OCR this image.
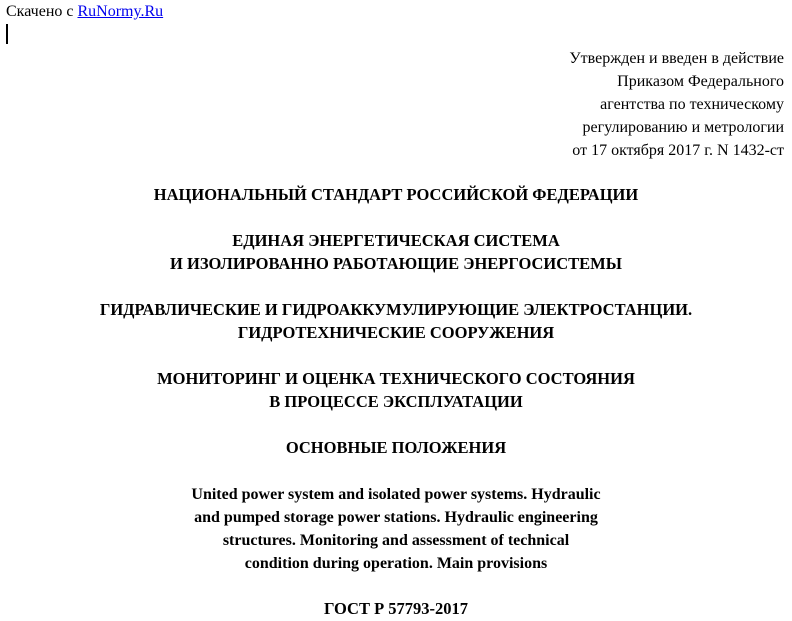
Скачено с RuNormy.Ru
Утвержден и введен в действие
Приказом Федерального
агентства по техническому
регулированию и метрологии
от 17 октября 2017 г. N 1432-ст
НАЦИОНАЛЬНЫЙ СТАНДАРТ РОССИЙСКОЙ ФЕДЕРАЦИИ
ЕДИНАЯ ЭНЕРГЕТИЧЕСКАЯ СИСТЕМА
И ИЗОЛИРОВАННО РАБОТАЮЩИЕ ЭНЕРГОСИСТЕМЫ
ГИДРАВЛИЧЕСКИЕ И ГИДРОАККУМУЛИРУЮЩИЕ ЭЛЕКТРОСТАНЦИИ.
ГИДРОТЕХНИЧЕСКИЕ СООРУЖЕНИЯ
МОНИТОРИНГ И ОЦЕНКА ТЕХНИЧЕСКОГО СОСТОЯНИЯ
В ПРОЦЕССЕ ЭКСПЛУАТАЦИИ
ОСНОВНЫЕ ПОЛОЖЕНИЯ
United power system and isolated power systems. Hydraulic
and pumped storage power stations. Hydraulic engineering
structures. Monitoring and assessment of technical
condition during operation. Main provisions
ГОСТ Р 57793-2017
